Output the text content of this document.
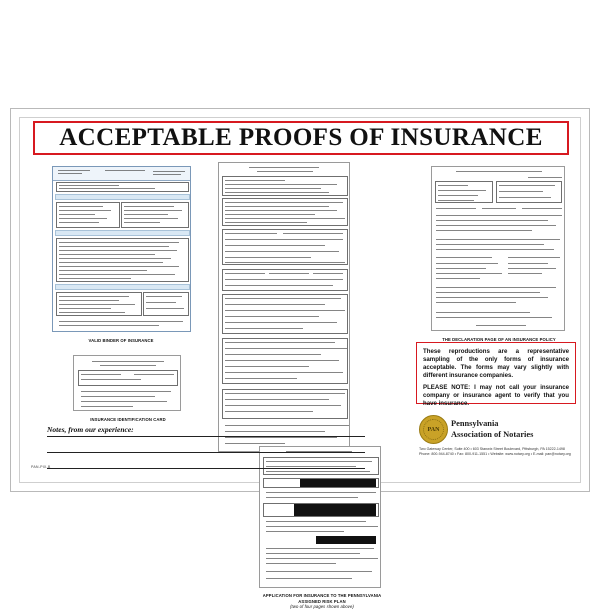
ACCEPTABLE PROOFS OF INSURANCE
VALID BINDER OF INSURANCE
APPLICATION FOR INSURANCE TO THE PENNSYLVANIA
ASSIGNED RISK PLAN
(two of four pages shown above)
THE DECLARATION PAGE OF AN INSURANCE POLICY
INSURANCE IDENTIFICATION CARD
Notes, from our experience:

These reproductions are a representative sampling of the only forms of insurance acceptable. The forms may vary slightly with different insurance companies.

PLEASE NOTE: I may not call your insurance company or insurance agent to verify that you have insurance.

PAN
Pennsylvania
Association of Notaries
Two Gateway Center, Suite 400 • 603 Stanwix Street Boulevard, Pittsburgh, PA 15222-1498
Phone: 800-944-8740 • Fax: 800-911-1551 • Website: www.notary.org • E-mail: pan@notary.org
PAN-PIX-B
